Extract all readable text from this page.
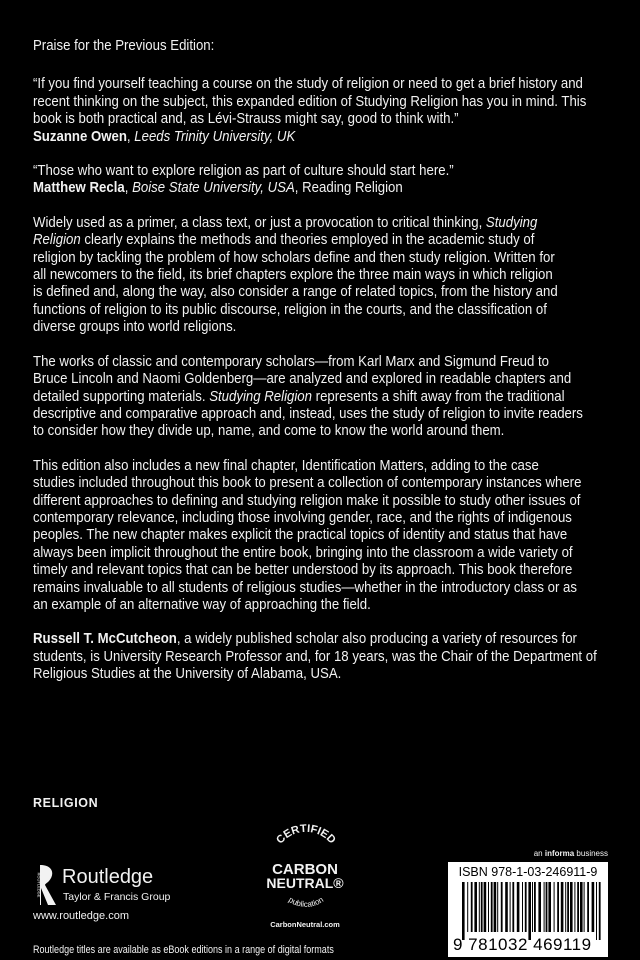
Praise for the Previous Edition:
“If you find yourself teaching a course on the study of religion or need to get a brief history and
recent thinking on the subject, this expanded edition of Studying Religion has you in mind. This
book is both practical and, as Lévi-Strauss might say, good to think with.”
Suzanne Owen, Leeds Trinity University, UK
“Those who want to explore religion as part of culture should start here.”
Matthew Recla, Boise State University, USA, Reading Religion
Widely used as a primer, a class text, or just a provocation to critical thinking, Studying
Religion clearly explains the methods and theories employed in the academic study of
religion by tackling the problem of how scholars define and then study religion. Written for
all newcomers to the field, its brief chapters explore the three main ways in which religion
is defined and, along the way, also consider a range of related topics, from the history and
functions of religion to its public discourse, religion in the courts, and the classification of
diverse groups into world religions.
The works of classic and contemporary scholars—from Karl Marx and Sigmund Freud to
Bruce Lincoln and Naomi Goldenberg—are analyzed and explored in readable chapters and
detailed supporting materials. Studying Religion represents a shift away from the traditional
descriptive and comparative approach and, instead, uses the study of religion to invite readers
to consider how they divide up, name, and come to know the world around them.
This edition also includes a new final chapter, Identification Matters, adding to the case
studies included throughout this book to present a collection of contemporary instances where
different approaches to defining and studying religion make it possible to study other issues of
contemporary relevance, including those involving gender, race, and the rights of indigenous
peoples. The new chapter makes explicit the practical topics of identity and status that have
always been implicit throughout the entire book, bringing into the classroom a wide variety of
timely and relevant topics that can be better understood by its approach. This book therefore
remains invaluable to all students of religious studies—whether in the introductory class or as
an example of an alternative way of approaching the field.
Russell T. McCutcheon, a widely published scholar also producing a variety of resources for
students, is University Research Professor and, for 18 years, was the Chair of the Department of
Religious Studies at the University of Alabama, USA.
RELIGION
ROUTLEDGE Routledge
Taylor & Francis Group
www.routledge.com
Routledge titles are available as eBook editions in a range of digital formats
CERTIFIED
CARBON
NEUTRAL®
publication
CarbonNeutral.com
an informa business
ISBN 978-1-03-246911-9
9 781032 469119
